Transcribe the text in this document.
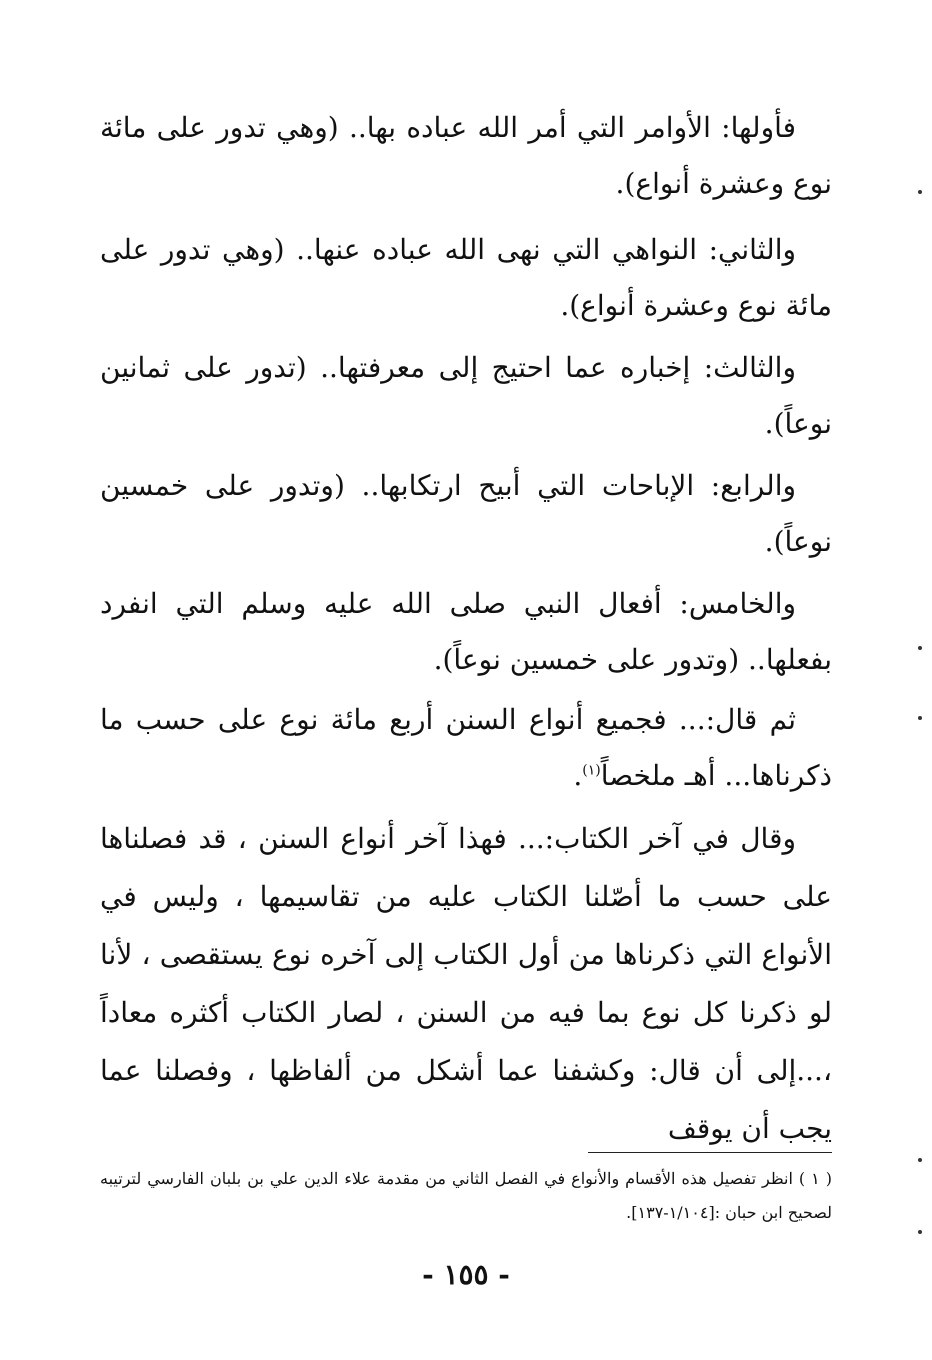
فأولها: الأوامر التي أمر الله عباده بها.. (وهي تدور على مائة نوع وعشرة أنواع).

والثاني: النواهي التي نهى الله عباده عنها.. (وهي تدور على مائة نوع وعشرة أنواع).

والثالث: إخباره عما احتيج إلى معرفتها.. (تدور على ثمانين نوعاً).

والرابع: الإباحات التي أبيح ارتكابها.. (وتدور على خمسين نوعاً).

والخامس: أفعال النبي صلى الله عليه وسلم التي انفرد بفعلها.. (وتدور على خمسين نوعاً).

ثم قال:... فجميع أنواع السنن أربع مائة نوع على حسب ما ذكرناها... أهـ ملخصاً$^{(١)}$.

وقال في آخر الكتاب:... فهذا آخر أنواع السنن ، قد فصلناها على حسب ما أصّلنا الكتاب عليه من تقاسيمها ، وليس في الأنواع التي ذكرناها من أول الكتاب إلى آخره نوع يستقصى ، لأنا لو ذكرنا كل نوع بما فيه من السنن ، لصار الكتاب أكثره معاداً ،...إلى أن قال: وكشفنا عما أشكل من ألفاظها ، وفصلنا عما يجب أن يوقف

( ١ ) انظر تفصيل هذه الأقسام والأنواع في الفصل الثاني من مقدمة علاء الدين علي بن بلبان الفارسي لترتيبه لصحيح ابن حبان :[١/١٠٤-١٣٧].

- ١٥٥ -
